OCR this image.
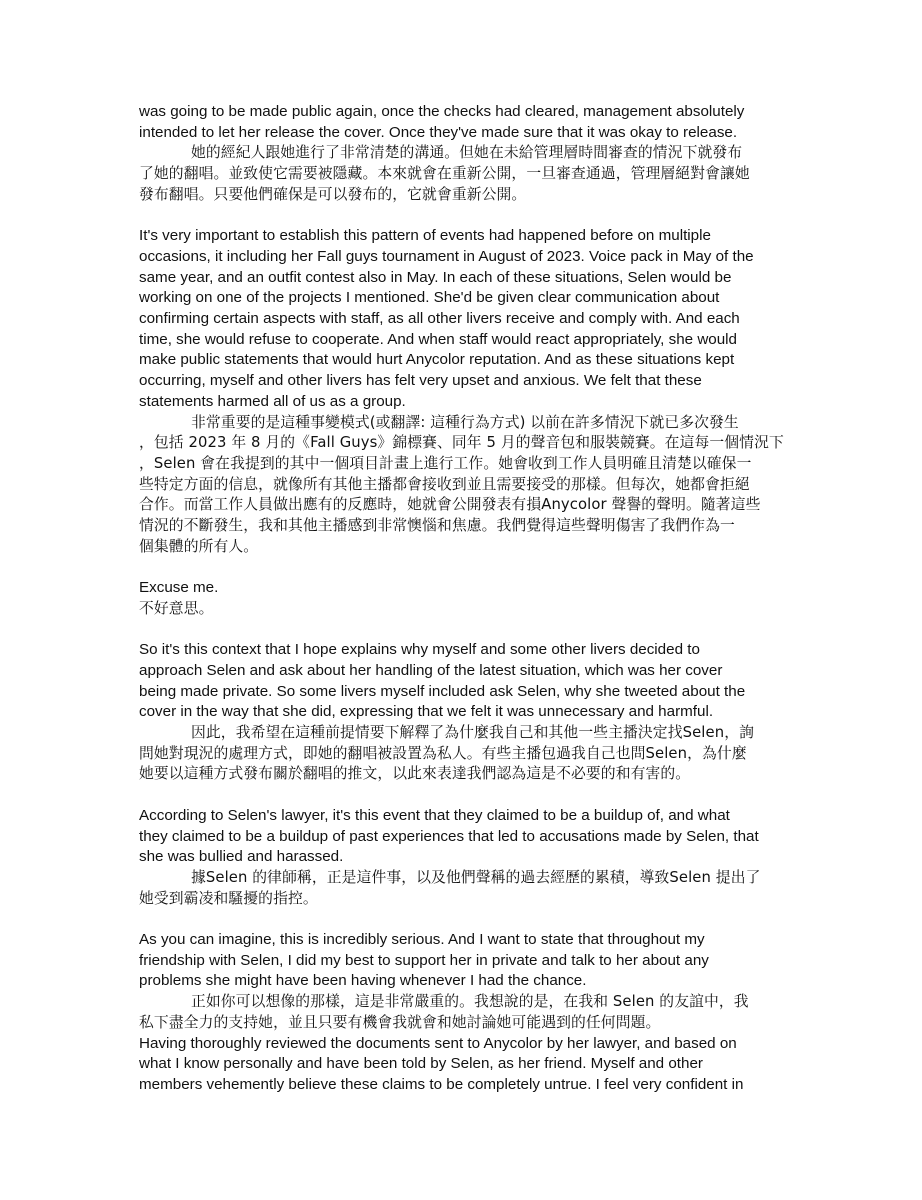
was going to be made public again, once the checks had cleared, management absolutely
intended to let her release the cover. Once they've made sure that it was okay to release.

她的經紀人跟她進行了非常清楚的溝通。但她在未給管理層時間審查的情況下就發布
了她的翻唱。並致使它需要被隱藏。本來就會在重新公開，一旦審查通過，管理層絕對會讓她
發布翻唱。只要他們確保是可以發布的，它就會重新公開。

It's very important to establish this pattern of events had happened before on multiple
occasions, it including her Fall guys tournament in August of 2023. Voice pack in May of the
same year, and an outfit contest also in May. In each of these situations, Selen would be
working on one of the projects I mentioned. She'd be given clear communication about
confirming certain aspects with staff, as all other livers receive and comply with. And each
time, she would refuse to cooperate. And when staff would react appropriately, she would
make public statements that would hurt Anycolor reputation. And as these situations kept
occurring, myself and other livers has felt very upset and anxious. We felt that these
statements harmed all of us as a group.

非常重要的是這種事變模式(或翻譯: 這種行為方式) 以前在許多情況下就已多次發生
，包括 2023 年 8 月的《Fall Guys》錦標賽、同年 5 月的聲音包和服裝競賽。在這每一個情況下
，Selen 會在我提到的其中一個項目計畫上進行工作。她會收到工作人員明確且清楚以確保一
些特定方面的信息，就像所有其他主播都會接收到並且需要接受的那樣。但每次，她都會拒絕
合作。而當工作人員做出應有的反應時，她就會公開發表有損Anycolor 聲譽的聲明。隨著這些
情況的不斷發生，我和其他主播感到非常懊惱和焦慮。我們覺得這些聲明傷害了我們作為一
個集體的所有人。

Excuse me.

不好意思。

So it's this context that I hope explains why myself and some other livers decided to
approach Selen and ask about her handling of the latest situation, which was her cover
being made private. So some livers myself included ask Selen, why she tweeted about the
cover in the way that she did, expressing that we felt it was unnecessary and harmful.

因此，我希望在這種前提情要下解釋了為什麼我自己和其他一些主播決定找Selen，詢
問她對現況的處理方式，即她的翻唱被設置為私人。有些主播包過我自己也問Selen，為什麼
她要以這種方式發布關於翻唱的推文，以此來表達我們認為這是不必要的和有害的。

According to Selen's lawyer, it's this event that they claimed to be a buildup of, and what
they claimed to be a buildup of past experiences that led to accusations made by Selen, that
she was bullied and harassed.

據Selen 的律師稱，正是這件事，以及他們聲稱的過去經歷的累積，導致Selen 提出了
她受到霸凌和騷擾的指控。

As you can imagine, this is incredibly serious. And I want to state that throughout my
friendship with Selen, I did my best to support her in private and talk to her about any
problems she might have been having whenever I had the chance.

正如你可以想像的那樣，這是非常嚴重的。我想說的是，在我和 Selen 的友誼中，我
私下盡全力的支持她，並且只要有機會我就會和她討論她可能遇到的任何問題。

Having thoroughly reviewed the documents sent to Anycolor by her lawyer, and based on
what I know personally and have been told by Selen, as her friend. Myself and other
members vehemently believe these claims to be completely untrue. I feel very confident in
